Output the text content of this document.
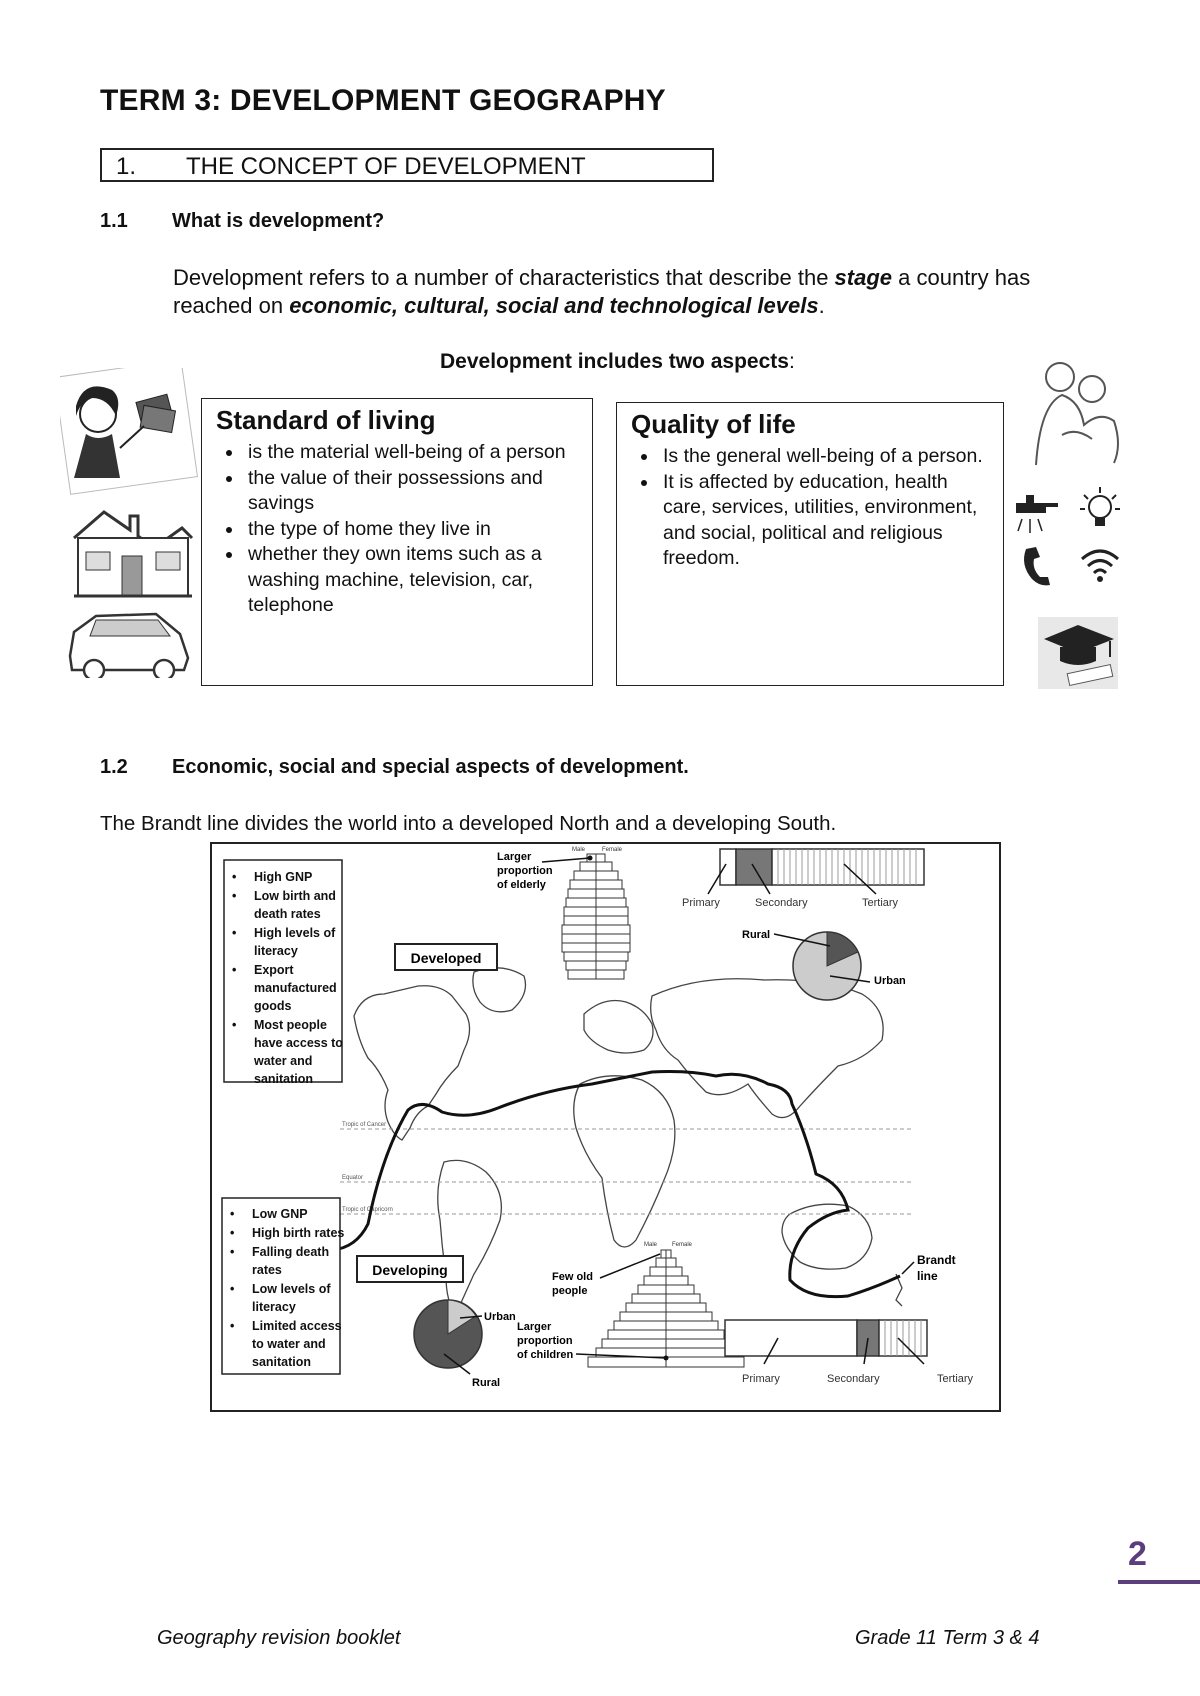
TERM 3: DEVELOPMENT GEOGRAPHY
1. THE CONCEPT OF DEVELOPMENT
1.1 What is development?
Development refers to a number of characteristics that describe the stage a country has reached on economic, cultural, social and technological levels.
Development includes two aspects:

Standard of living

• is the material well-being of a person
• the value of their possessions and savings
• the type of home they live in
• whether they own items such as a washing machine, television, car, telephone

Quality of life

• Is the general well-being of a person.
• It is affected by education, health care, services, utilities, environment, and social, political and religious freedom.
1.2 Economic, social and special aspects of development.
The Brandt line divides the world into a developed North and a developing South.
Tropic of Cancer
Equator
Tropic of Capricorn
• High GNP
• Low birth and
death rates
• High levels of
literacy
• Export
manufactured
goods
• Most people
have access to
water and
sanitation
• Low GNP
• High birth rates
• Falling death
rates
• Low levels of
literacy
• Limited access
to water and
sanitation
Developed
Developing
Male	Female
Larger
proportion
of elderly
Primary	Secondary	Tertiary
Rural
Urban
Male Female
Few old
people
Larger
proportion
of children
Urban
Rural	Primary	Secondary	Tertiary
Brandt
line
2
Geography revision booklet	Grade 11 Term 3 & 4
